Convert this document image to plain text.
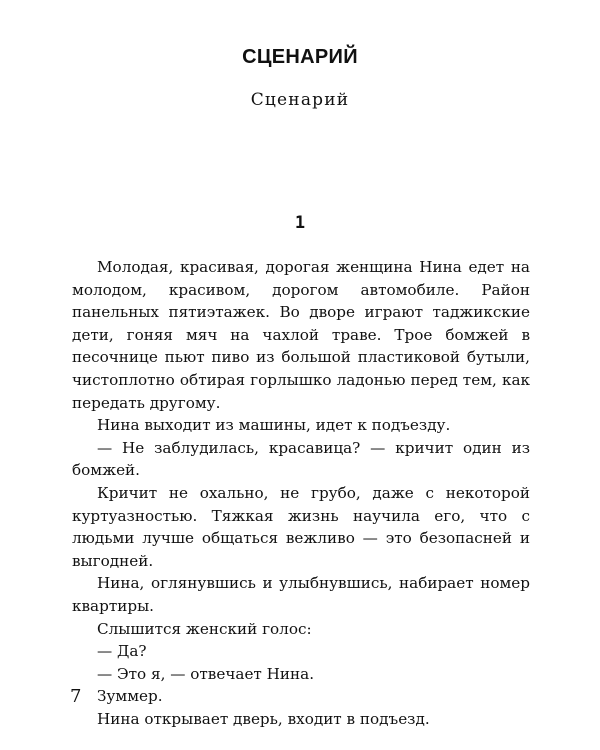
СЦЕНАРИЙ
Сценарий
1

Молодая, красивая, дорогая женщина Нина едет на молодом, красивом, дорогом автомобиле. Район панельных пятиэтажек. Во дворе играют таджикские дети, гоняя мяч на чахлой траве. Трое бомжей в песочнице пьют пиво из большой пластиковой бутыли, чистоплотно обтирая горлышко ладонью перед тем, как передать другому.

Нина выходит из машины, идет к подъезду.

— Не заблудилась, красавица? — кричит один из бомжей.

Кричит не охально, не грубо, даже с некоторой куртуазностью. Тяжкая жизнь научила его, что с людьми лучше общаться вежливо — это безопасней и выгодней.

Нина, оглянувшись и улыбнувшись, набирает номер квартиры.

Слышится женский голос:

— Да?

— Это я, — отвечает Нина.

Зуммер.

Нина открывает дверь, входит в подъезд.

7
